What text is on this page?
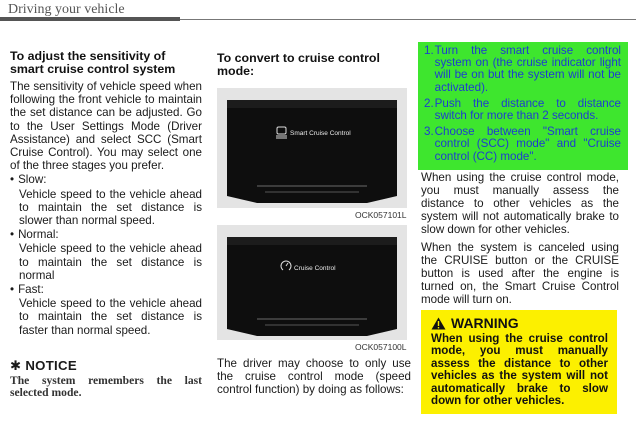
Driving your vehicle
To adjust the sensitivity of smart cruise control system

The sensitivity of vehicle speed when following the front vehicle to maintain the set distance can be adjusted. Go to the User Settings Mode (Driver Assistance) and select SCC (Smart Cruise Control). You may select one of the three stages you prefer.

• Slow:
Vehicle speed to the vehicle ahead to maintain the set distance is slower than normal speed.
• Normal:
Vehicle speed to the vehicle ahead to maintain the set distance is normal
• Fast:
Vehicle speed to the vehicle ahead to maintain the set distance is faster than normal speed.
✱ NOTICE
The system remembers the last selected mode.
To convert to cruise control mode:
Smart Cruise Control
OCK057101L
Cruise Control
OCK057100L

The driver may choose to only use the cruise control mode (speed control function) by doing as follows:

1. Turn the smart cruise control system on (the cruise indicator light will be on but the system will not be activated).
2. Push the distance to distance switch for more than 2 seconds.
3. Choose between "Smart cruise control (SCC) mode" and "Cruise control (CC) mode".

When using the cruise control mode, you must manually assess the distance to other vehicles as the system will not automatically brake to slow down for other vehicles.

When the system is canceled using the CRUISE button or the CRUISE button is used after the engine is turned on, the Smart Cruise Control mode will turn on.

WARNING
When using the cruise control mode, you must manually assess the distance to other vehicles as the system will not automatically brake to slow down for other vehicles.
